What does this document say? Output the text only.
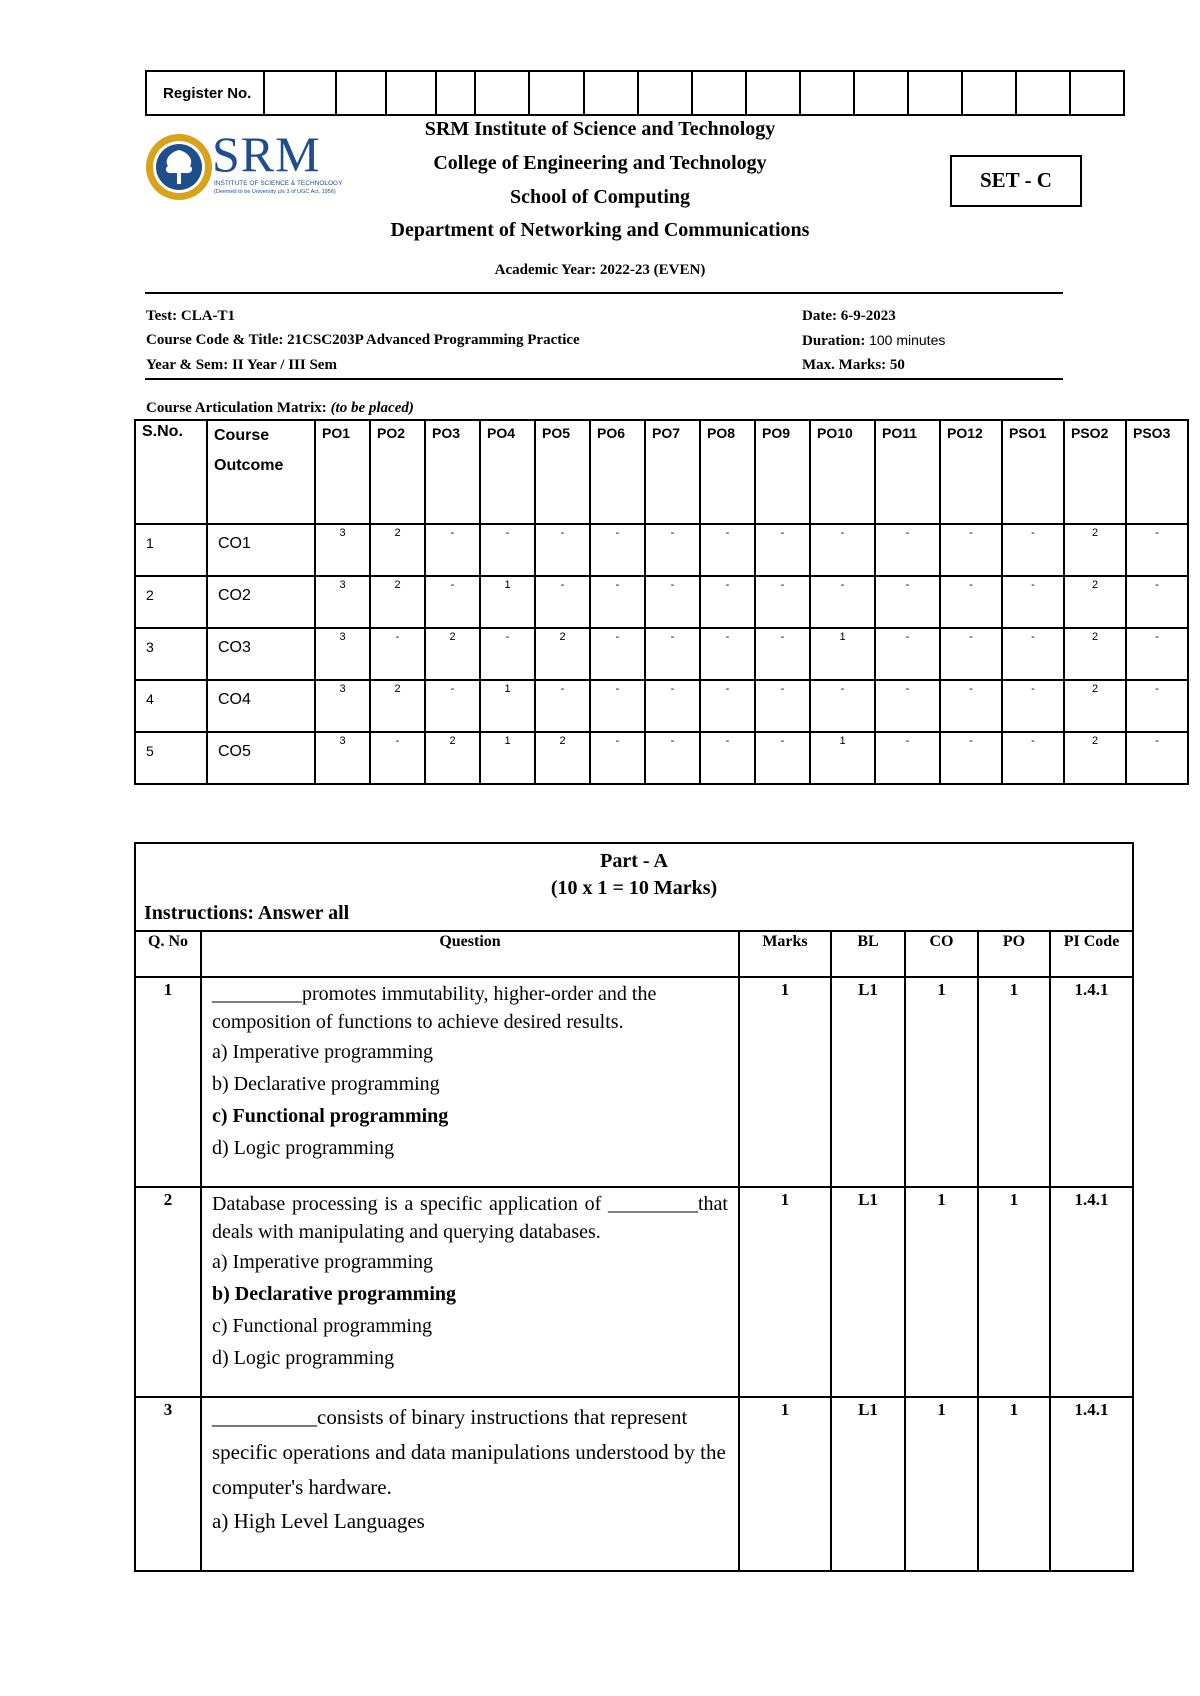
Register No.																
SRM
INSTITUTE OF SCIENCE & TECHNOLOGY
(Deemed to be University u/s 3 of UGC Act, 1956)
SRM Institute of Science and Technology
College of Engineering and Technology
School of Computing
Department of Networking and Communications
Academic Year: 2022-23 (EVEN)
SET - C
Test: CLA-T1	Date: 6-9-2023
Course Code & Title: 21CSC203P Advanced Programming Practice	Duration: 100 minutes
Year & Sem: II Year / III Sem	Max. Marks: 50
Course Articulation Matrix: (to be placed)
S.No.	Course Outcome	PO1	PO2	PO3	PO4	PO5	PO6	PO7	PO8	PO9	PO10	PO11	PO12	PSO1	PSO2	PSO3
1	CO1	3	2	-	-	-	-	-	-	-	-	-	-	-	2	-
2	CO2	3	2	-	1	-	-	-	-	-	-	-	-	-	2	-
3	CO3	3	-	2	-	2	-	-	-	-	1	-	-	-	2	-
4	CO4	3	2	-	1	-	-	-	-	-	-	-	-	-	2	-
5	CO5	3	-	2	1	2	-	-	-	-	1	-	-	-	2	-
Part - A
(10 x 1 = 10 Marks)
Instructions: Answer all						

Q. No	Question	Marks	BL	CO	PO	PI Code
1	_________promotes immutability, higher-order and the composition of functions to achieve desired results.
a) Imperative programming
b) Declarative programming
c) Functional programming
d) Logic programming	1	L1	1	1	1.4.1
2	Database processing is a specific application of _________that deals with manipulating and querying databases.
a) Imperative programming
b) Declarative programming
c) Functional programming
d) Logic programming	1	L1	1	1	1.4.1
3	__________consists of binary instructions that represent specific operations and data manipulations understood by the computer's hardware.
a) High Level Languages	1	L1	1	1	1.4.1
